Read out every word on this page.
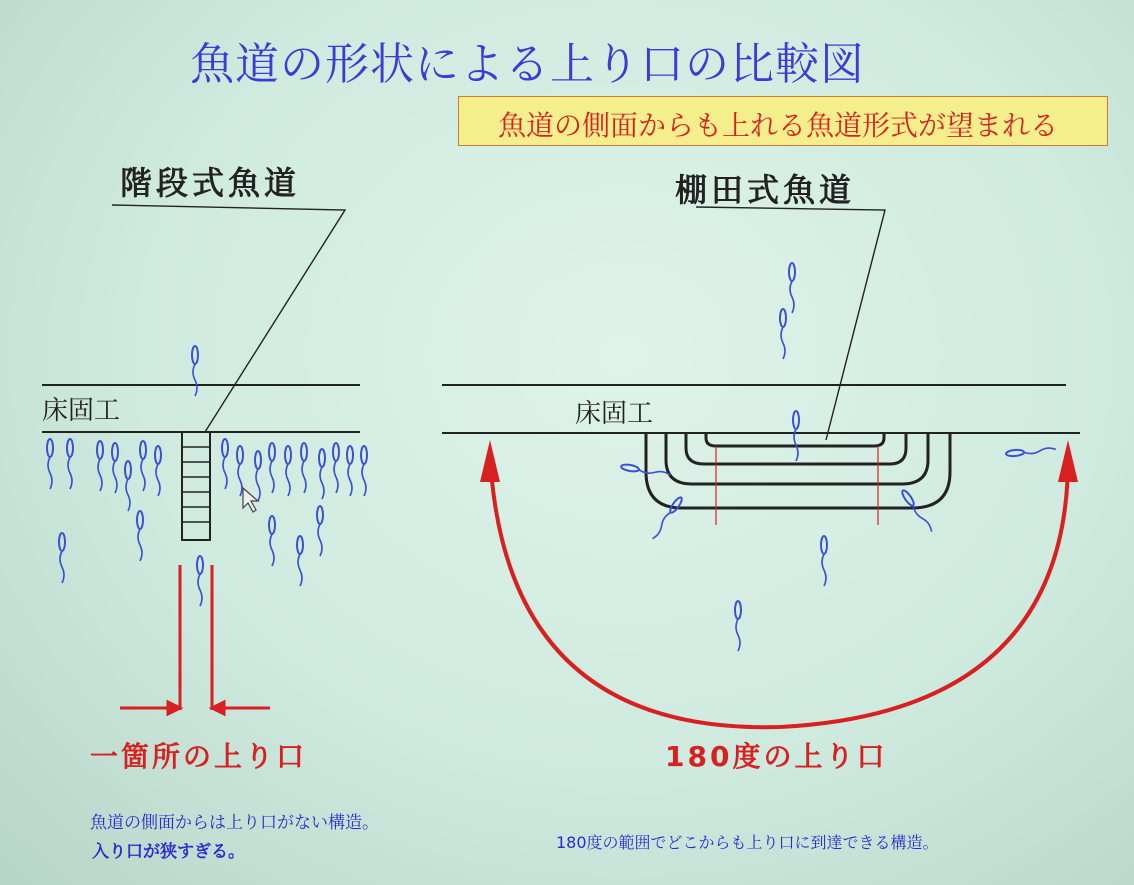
魚道の形状による上り口の比較図
魚道の側面からも上れる魚道形式が望まれる
階段式魚道	棚田式魚道
床固工	床固工
一箇所の上り口	180度の上り口
魚道の側面からは上り口がない構造。
入り口が狭すぎる。	180度の範囲でどこからも上り口に到達できる構造。
